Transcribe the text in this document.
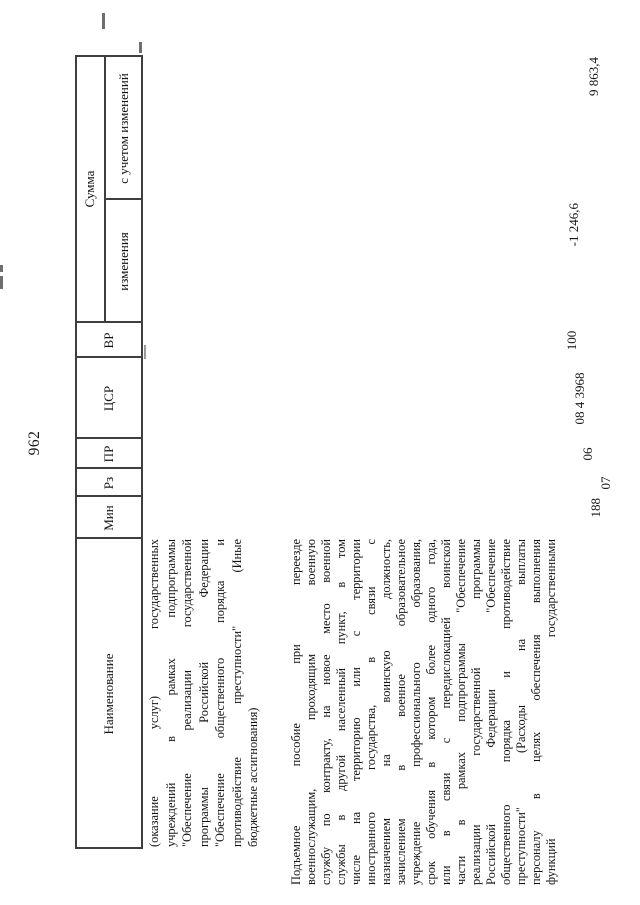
962
Наименование
Мин
Рз
ПР
ЦСР
ВР
Сумма
изменения
с учетом изменений
(оказание услуг) государственных учреждений в рамках подпрограммы "Обеспечение реализации государственной программы Российской Федерации "Обеспечение общественного порядка и противодействие преступности" (Иные бюджетные ассигнования) Подъемное пособие при переезде военнослужащим, проходящим военную службу по контракту, на новое место военной службы в другой населенный пункт, в том числе на территорию или с территории иностранного государства, в связи с назначением на воинскую должность, зачислением в военное образовательное учреждение профессионального образования, срок обучения в котором более одного года, или в связи с передислокацией воинской части в рамках подпрограммы "Обеспечение реализации государственной программы Российской Федерации "Обеспечение общественного порядка и противодействие преступности" (Расходы на выплаты персоналу в целях обеспечения выполнения функций государственными
188
07
06
08 4 3968
100
-1 246,6
9 863,4
